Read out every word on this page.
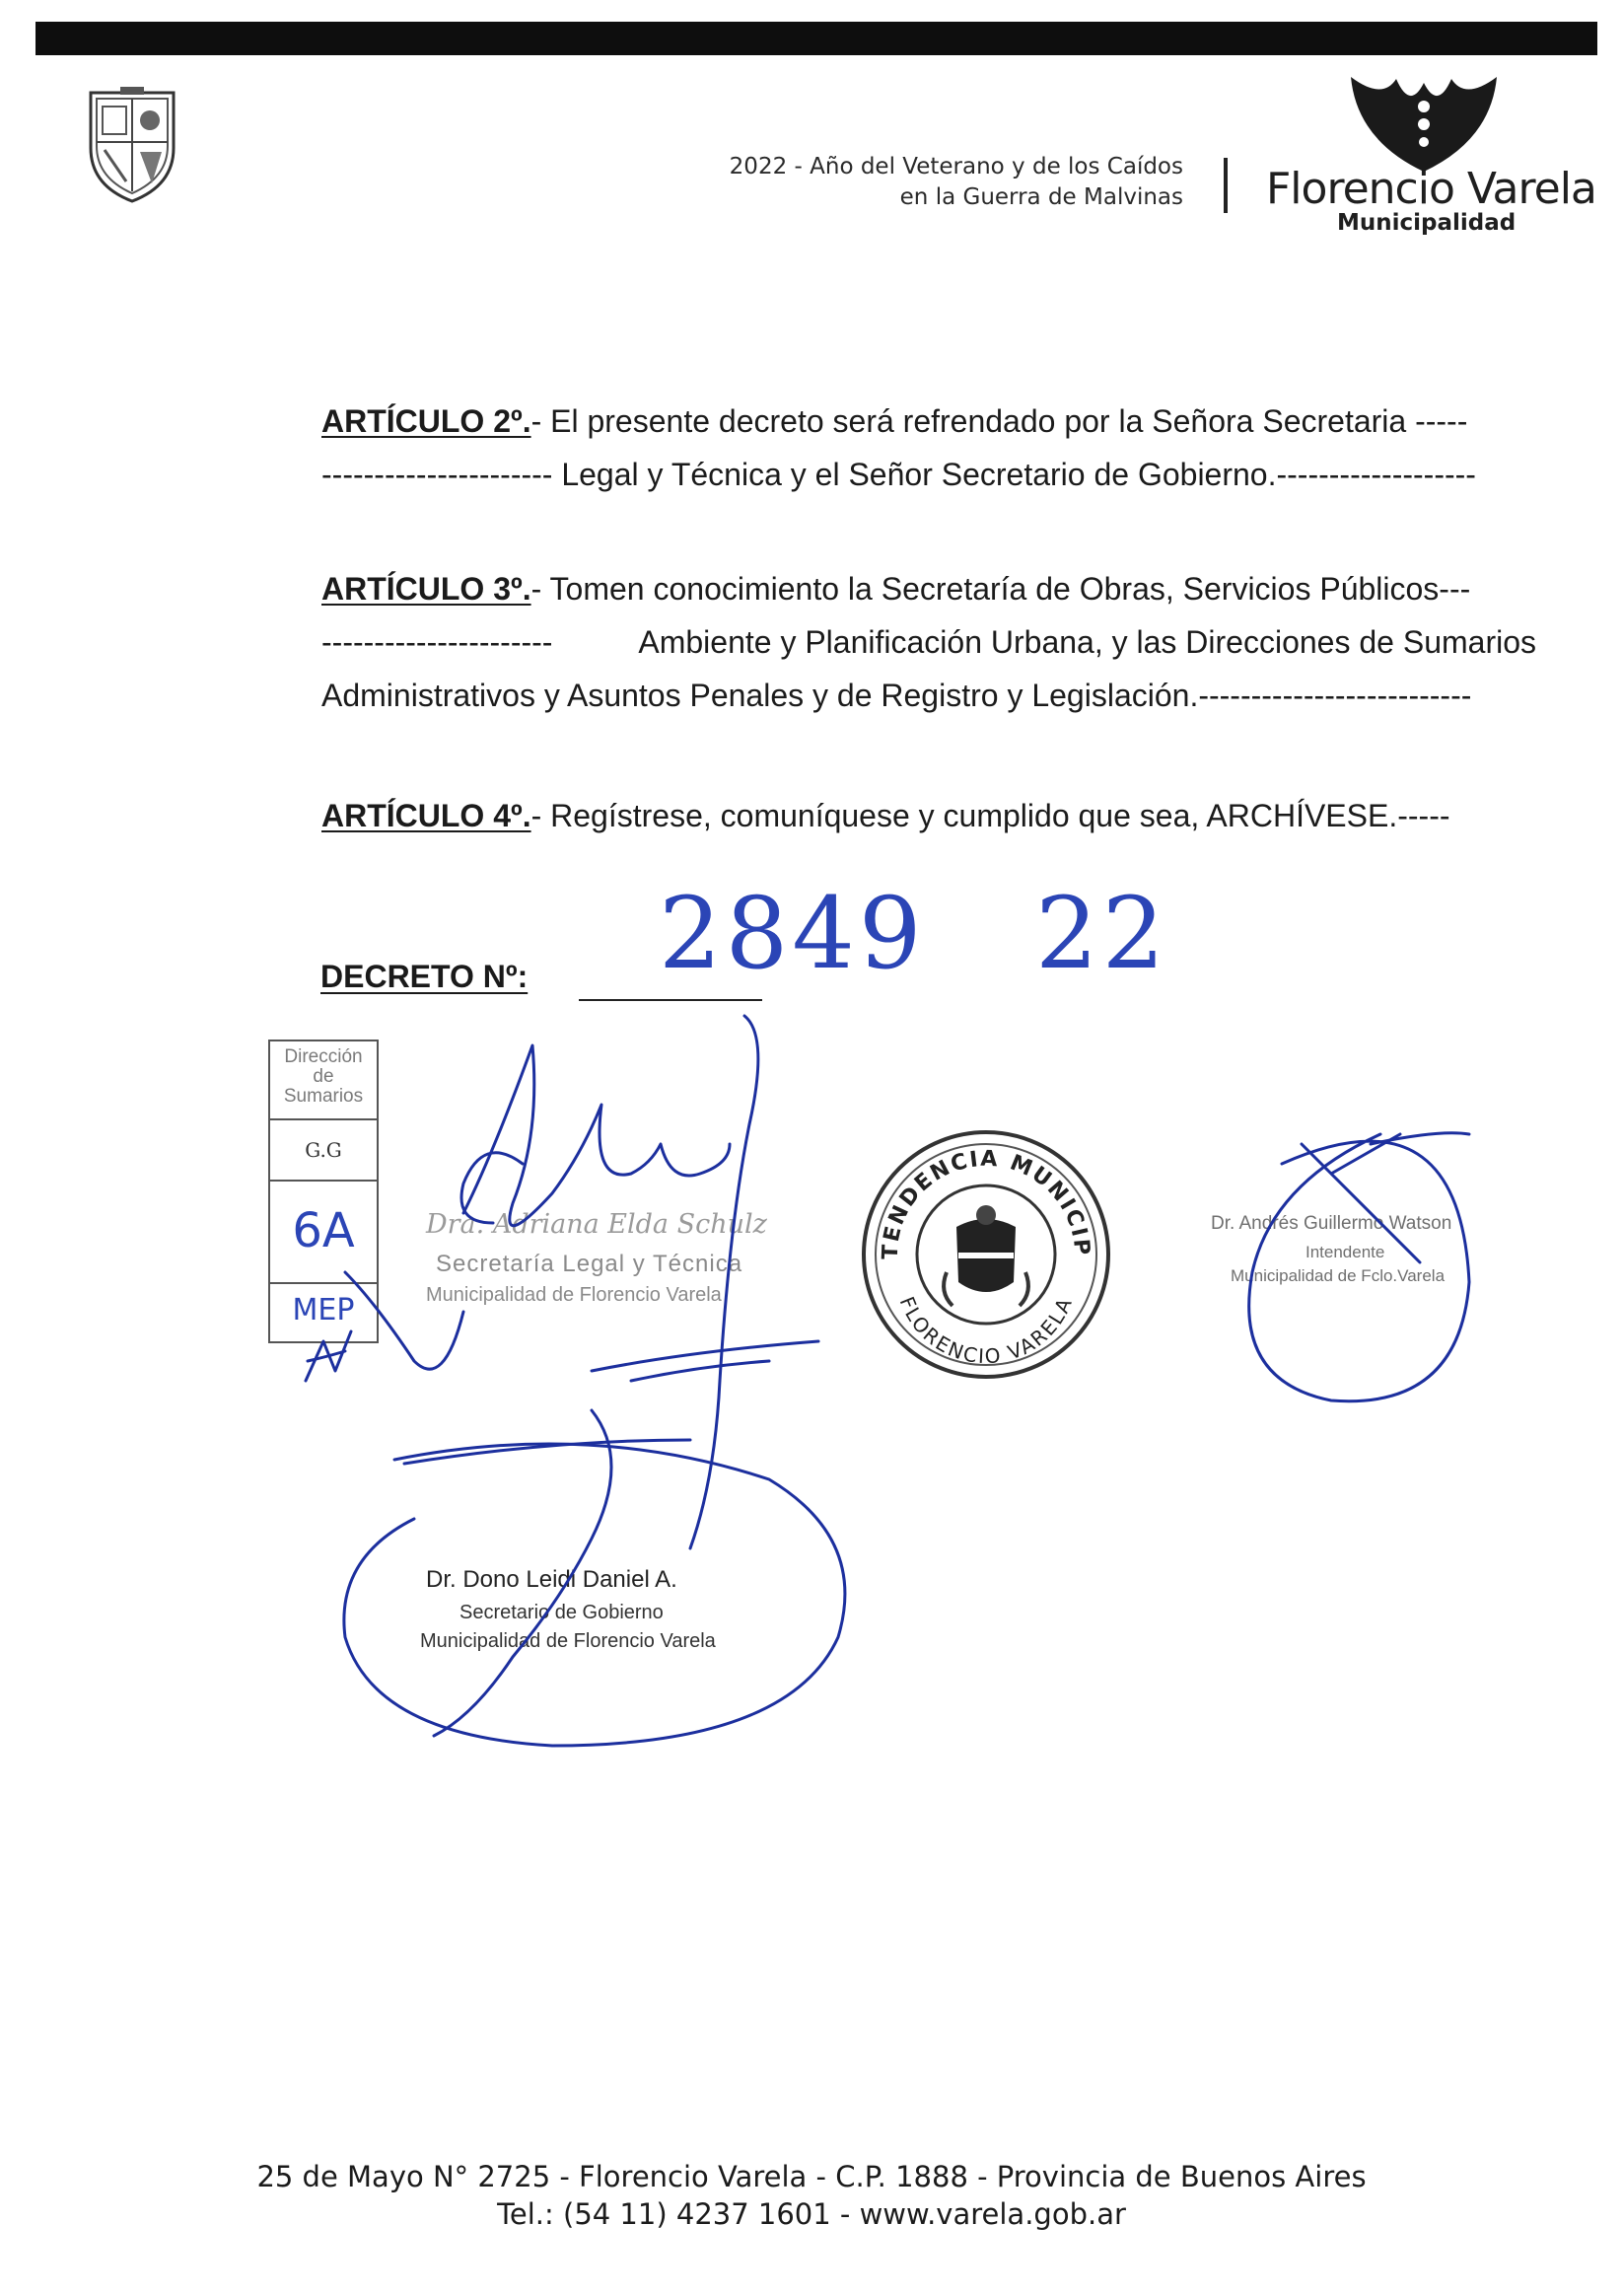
2022 - Año del Veterano y de los Caídos
en la Guerra de Malvinas Florencio Varela
Municipalidad
ARTÍCULO 2º.- El presente decreto será refrendado por la Señora Secretaria -----
---------------------- Legal y Técnica y el Señor Secretario de Gobierno.-------------------
ARTÍCULO 3º.- Tomen conocimiento la Secretaría de Obras, Servicios Públicos---
----------------------	Ambiente y Planificación Urbana, y las Direcciones de Sumarios
Administrativos y Asuntos Penales y de Registro y Legislación.--------------------------
ARTÍCULO 4º.- Regístrese, comuníquese y cumplido que sea, ARCHÍVESE.-----
DECRETO Nº: 2849 22
Dirección
de
Sumarios
G.G
6A
MEP
Dra. Adriana Elda Schulz
Secretaría Legal y Técnica
Municipalidad de Florencio Varela
TENDENCIA MUNICIP
FLORENCIO VARELA
Dr. Andrés Guillermo Watson
Intendente
Municipalidad de Fclo.Varela
Dr. Dono Leidi Daniel A.
Secretario de Gobierno
Municipalidad de Florencio Varela
25 de Mayo N° 2725 - Florencio Varela - C.P. 1888 - Provincia de Buenos Aires
Tel.: (54 11) 4237 1601 - www.varela.gob.ar
